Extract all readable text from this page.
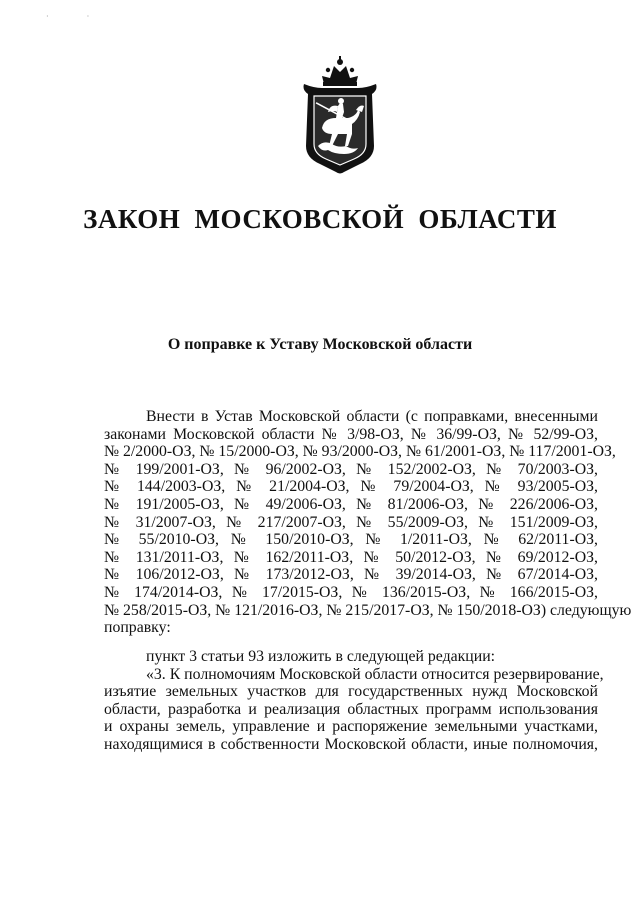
· ·
ЗАКОН МОСКОВСКОЙ ОБЛАСТИ
О поправке к Уставу Московской области
Внести в Устав Московской области (с поправками, внесенными
законами Московской области № 3/98-ОЗ, № 36/99-ОЗ, № 52/99-ОЗ,
№ 2/2000-ОЗ, № 15/2000-ОЗ, № 93/2000-ОЗ, № 61/2001-ОЗ, № 117/2001-ОЗ,
№ 199/2001-ОЗ, № 96/2002-ОЗ, № 152/2002-ОЗ, № 70/2003-ОЗ,
№ 144/2003-ОЗ, № 21/2004-ОЗ, № 79/2004-ОЗ, № 93/2005-ОЗ,
№ 191/2005-ОЗ, № 49/2006-ОЗ, № 81/2006-ОЗ, № 226/2006-ОЗ,
№ 31/2007-ОЗ, № 217/2007-ОЗ, № 55/2009-ОЗ, № 151/2009-ОЗ,
№ 55/2010-ОЗ, № 150/2010-ОЗ, № 1/2011-ОЗ, № 62/2011-ОЗ,
№ 131/2011-ОЗ, № 162/2011-ОЗ, № 50/2012-ОЗ, № 69/2012-ОЗ,
№ 106/2012-ОЗ, № 173/2012-ОЗ, № 39/2014-ОЗ, № 67/2014-ОЗ,
№ 174/2014-ОЗ, № 17/2015-ОЗ, № 136/2015-ОЗ, № 166/2015-ОЗ,
№ 258/2015-ОЗ, № 121/2016-ОЗ, № 215/2017-ОЗ, № 150/2018-ОЗ) следующую
поправку:
пункт 3 статьи 93 изложить в следующей редакции:
«3. К полномочиям Московской области относится резервирование,
изъятие земельных участков для государственных нужд Московской
области, разработка и реализация областных программ использования
и охраны земель, управление и распоряжение земельными участками,
находящимися в собственности Московской области, иные полномочия,
